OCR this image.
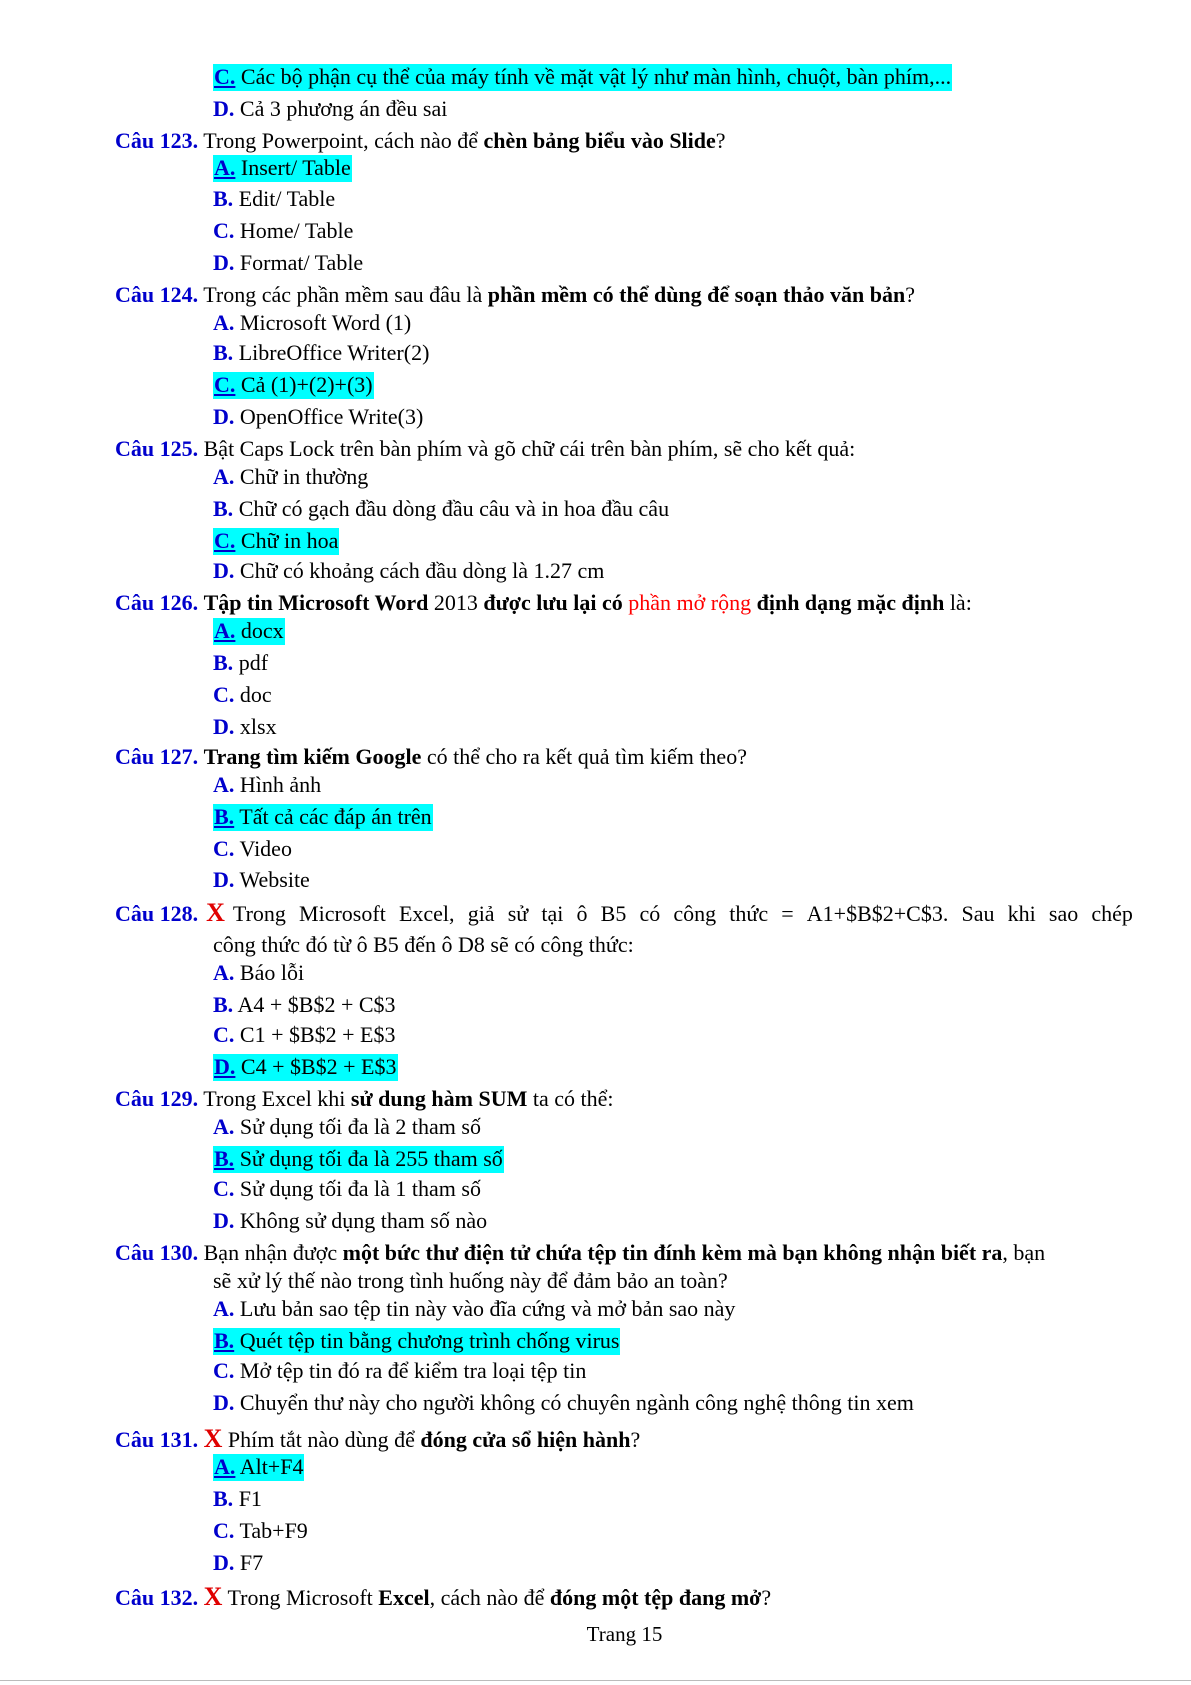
C. Các bộ phận cụ thể của máy tính về mặt vật lý như màn hình, chuột, bàn phím,...
D. Cả 3 phương án đều sai
Câu 123. Trong Powerpoint, cách nào để chèn bảng biểu vào Slide?
A. Insert/ Table
B. Edit/ Table
C. Home/ Table
D. Format/ Table
Câu 124. Trong các phần mềm sau đâu là phần mềm có thể dùng để soạn thảo văn bản?
A. Microsoft Word (1)
B. LibreOffice Writer(2)
C. Cả (1)+(2)+(3)
D. OpenOffice Write(3)
Câu 125. Bật Caps Lock trên bàn phím và gõ chữ cái trên bàn phím, sẽ cho kết quả:
A. Chữ in thường
B. Chữ có gạch đầu dòng đầu câu và in hoa đầu câu
C. Chữ in hoa
D. Chữ có khoảng cách đầu dòng là 1.27 cm
Câu 126. Tập tin Microsoft Word 2013 được lưu lại có phần mở rộng định dạng mặc định là:
A. docx
B. pdf
C. doc
D. xlsx
Câu 127. Trang tìm kiếm Google có thể cho ra kết quả tìm kiếm theo?
A. Hình ảnh
B. Tất cả các đáp án trên
C. Video
D. Website
Câu 128. X Trong Microsoft Excel, giả sử tại ô B5 có công thức = A1+$B$2+C$3. Sau khi sao chép
công thức đó từ ô B5 đến ô D8 sẽ có công thức:
A. Báo lỗi
B. A4 + $B$2 + C$3
C. C1 + $B$2 + E$3
D. C4 + $B$2 + E$3
Câu 129. Trong Excel khi sử dung hàm SUM ta có thể:
A. Sử dụng tối đa là 2 tham số
B. Sử dụng tối đa là 255 tham số
C. Sử dụng tối đa là 1 tham số
D. Không sử dụng tham số nào
Câu 130. Bạn nhận được một bức thư điện tử chứa tệp tin đính kèm mà bạn không nhận biết ra, bạn
sẽ xử lý thế nào trong tình huống này để đảm bảo an toàn?
A. Lưu bản sao tệp tin này vào đĩa cứng và mở bản sao này
B. Quét tệp tin bằng chương trình chống virus
C. Mở tệp tin đó ra để kiểm tra loại tệp tin
D. Chuyển thư này cho người không có chuyên ngành công nghệ thông tin xem
Câu 131. X Phím tắt nào dùng để đóng cửa sổ hiện hành?
A. Alt+F4
B. F1
C. Tab+F9
D. F7
Câu 132. X Trong Microsoft Excel, cách nào để đóng một tệp đang mở?
Trang 15
